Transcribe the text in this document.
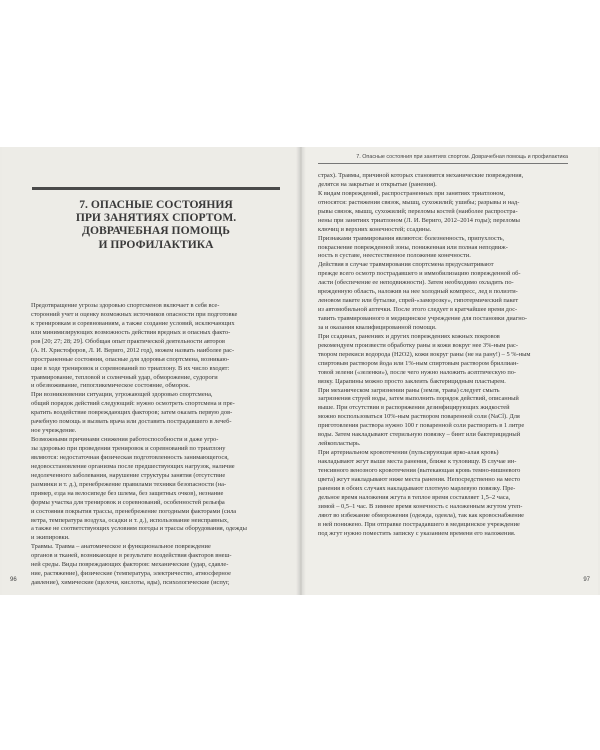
7. ОПАСНЫЕ СОСТОЯНИЯ
ПРИ ЗАНЯТИЯХ СПОРТОМ.
ДОВРАЧЕБНАЯ ПОМОЩЬ
И ПРОФИЛАКТИКА
Предотвращение угрозы здоровью спортсменов включает в себя все-
сторонний учет и оценку возможных источников опасности при подготовке
к тренировкам и соревнованиям, а также создание условий, исключающих
или минимизирующих возможность действия вредных и опасных факто-
ров [20; 27; 28; 29]. Обобщая опыт практической деятельности авторов
(А. Н. Христофоров, Л. И. Вериго, 2012 год), можем назвать наиболее рас-
пространенные состояния, опасные для здоровья спортсмена, возникаю-
щие в ходе тренировок и соревнований по триатлону. В их число входят:
травмирование, тепловой и солнечный удар, обморожение, судороги
и обезвоживание, гипогликемическое состояние, обморок.
При возникновении ситуации, угрожающей здоровью спортсмена,
общий порядок действий следующий: нужно осмотреть спортсмена и пре-
кратить воздействие повреждающих факторов; затем оказать первую дов-
рачебную помощь и вызвать врача или доставить пострадавшего в лечеб-
ное учреждение.
Возможными причинами снижения работоспособности и даже угро-
зы здоровью при проведении тренировок и соревнований по триатлону
являются: недостаточная физическая подготовленность занимающегося,
недовосстановление организма после предшествующих нагрузок, наличие
недолеченного заболевания, нарушение структуры занятия (отсутствие
разминки и т. д.), пренебрежение правилами техники безопасности (на-
пример, езда на велосипеде без шлема, без защитных очков), незнание
формы участка для тренировок и соревнований, особенностей рельефа
и состояния покрытия трассы, пренебрежение погодными факторами (сила
ветра, температура воздуха, осадки и т. д.), использование неисправных,
а также не соответствующих условиям погоды и трассы оборудования, одежды
и экипировки.
Травмы. Травма – анатомическое и функциональное повреждение
органов и тканей, возникающее в результате воздействия факторов внеш-
ней среды. Виды повреждающих факторов: механические (удар, сдавле-
ние, растяжение), физические (температура, электричество, атмосферное
давление), химические (щелочи, кислоты, яды), психологические (испуг,
96
7. Опасные состояния при занятиях спортом. Доврачебная помощь и профилактика
страх). Травмы, причиной которых становятся механические повреждения,
делятся на закрытые и открытые (ранения).
К видам повреждений, распространенных при занятиях триатлоном,
относятся: растяжения связок, мышц, сухожилий; ушибы; разрывы и над-
рывы связок, мышц, сухожилий; переломы костей (наиболее распростра-
нены при занятиях триатлоном (Л. И. Вериго, 2012–2014 годы); переломы
ключиц и верхних конечностей; ссадины.
Признаками травмирования являются: болезненность, припухлость,
покраснение поврежденной зоны, пониженная или полная неподвиж-
ность в суставе, неестественное положение конечности.
Действия в случае травмирования спортсмена предусматривают
прежде всего осмотр пострадавшего и иммобилизацию поврежденной об-
ласти (обеспечение ее неподвижности). Затем необходимо охладить по-
врежденную область, наложив на нее холодный компресс, лед в полиэти-
леновом пакете или бутылке, спрей-«заморозку», гипотермический пакет
из автомобильной аптечки. После этого следует в кратчайшее время дос-
тавить травмированного в медицинское учреждение для постановки диагно-
за и оказания квалифицированной помощи.
При ссадинах, ранениях и других повреждениях кожных покровов
рекомендуем произвести обработку раны и кожи вокруг нее 3%-ным рас-
твором перекиси водорода (H2O2), кожи вокруг раны (не на рану!) – 5 %-ным
спиртовым раствором йода или 1%-ным спиртовым раствором бриллиан-
товой зелени («зеленки»), после чего нужно наложить асептическую по-
вязку. Царапины можно просто заклеить бактерицидным пластырем.
При механическом загрязнении раны (земля, трава) следует смыть
загрязнения струей воды, затем выполнить порядок действий, описанный
выше. При отсутствии в распоряжении дезинфицирующих жидкостей
можно воспользоваться 10%-ным раствором поваренной соли (NaCl). Для
приготовления раствора нужно 100 г поваренной соли растворить в 1 литре
воды. Затем накладывают стерильную повязку – бинт или бактерицидный
лейкопластырь.
При артериальном кровотечении (пульсирующая ярко-алая кровь)
накладывают жгут выше места ранения, ближе к туловищу. В случае ин-
тенсивного венозного кровотечения (вытекающая кровь темно-вишневого
цвета) жгут накладывают ниже места ранения. Непосредственно на место
ранения в обоих случаях накладывают плотную марлевую повязку. Пре-
дельное время наложения жгута в теплое время составляет 1,5–2 часа,
зимой – 0,5–1 час. В зимнее время конечность с наложенным жгутом утеп-
ляют во избежание обморожения (одежда, одеяла), так как кровоснабжение
в ней понижено. При отправке пострадавшего в медицинское учреждение
под жгут нужно поместить записку с указанием времени его наложения.
97
